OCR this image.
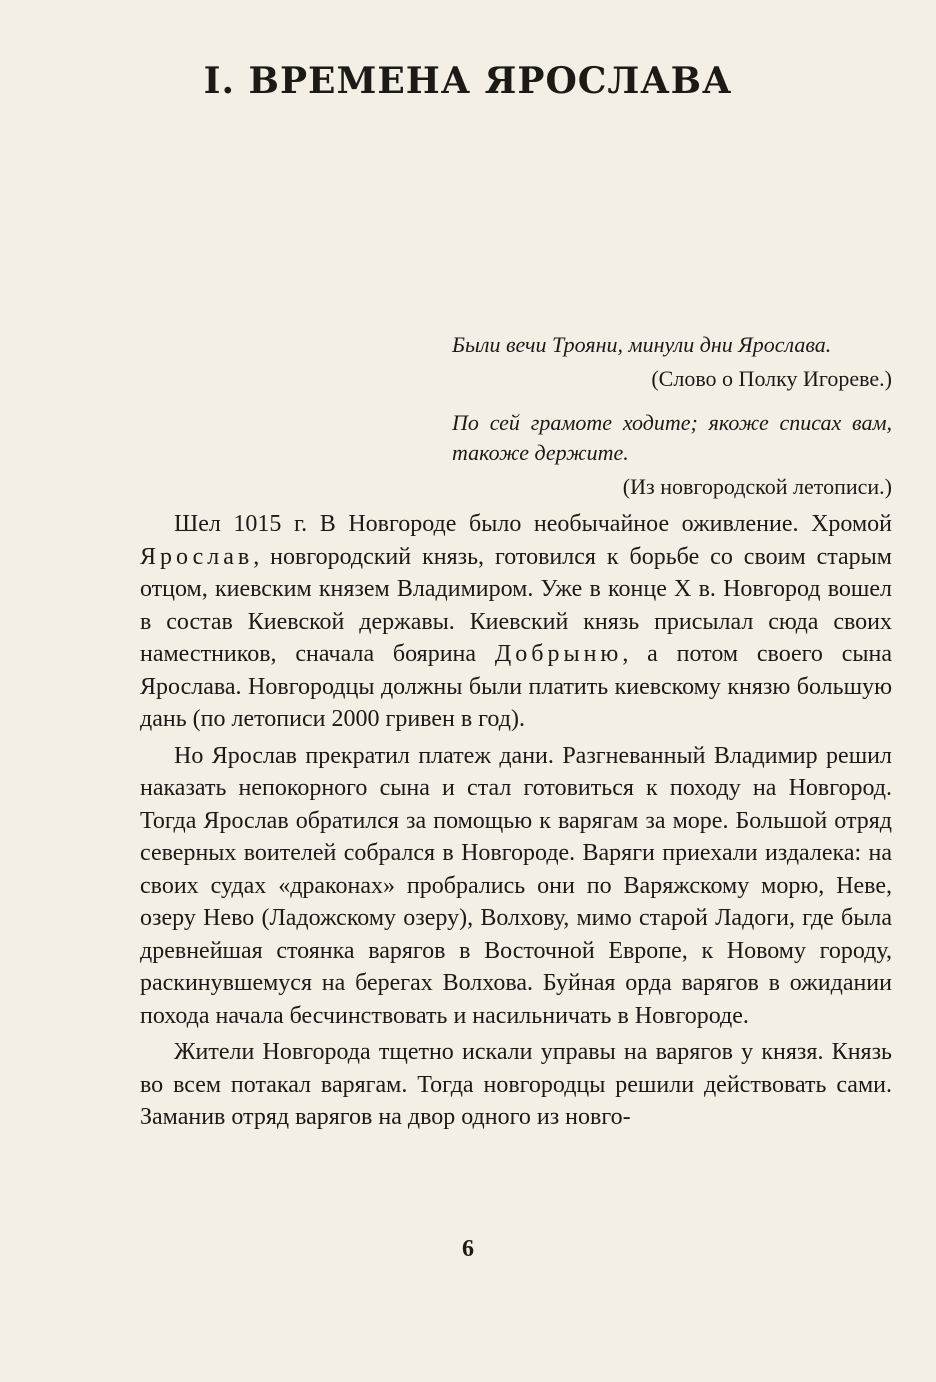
I. ВРЕМЕНА ЯРОСЛАВА

Были вечи Трояни, минули дни Ярослава.

(Слово о Полку Игореве.)

По сей грамоте ходите; якоже списах вам, такоже держите.

(Из новгородской летописи.)

Шел 1015 г. В Новгороде было необычайное оживление. Хромой Ярослав, новгородский князь, готовился к борьбе со своим старым отцом, киевским князем Владимиром. Уже в конце X в. Новгород вошел в состав Киевской державы. Киевский князь присылал сюда своих наместников, сначала боярина Добрыню, а потом своего сына Ярослава. Новгородцы должны были платить киевскому князю большую дань (по летописи 2000 гривен в год).

Но Ярослав прекратил платеж дани. Разгневанный Владимир решил наказать непокорного сына и стал готовиться к походу на Новгород. Тогда Ярослав обратился за помощью к варягам за море. Большой отряд северных воителей собрался в Новгороде. Варяги приехали издалека: на своих судах «драконах» пробрались они по Варяжскому морю, Неве, озеру Нево (Ладожскому озеру), Волхову, мимо старой Ладоги, где была древнейшая стоянка варягов в Восточной Европе, к Новому городу, раскинувшемуся на берегах Волхова. Буйная орда варягов в ожидании похода начала бесчинствовать и насильничать в Новгороде.

Жители Новгорода тщетно искали управы на варягов у князя. Князь во всем потакал варягам. Тогда новгородцы решили действовать сами. Заманив отряд варягов на двор одного из новго-

6
